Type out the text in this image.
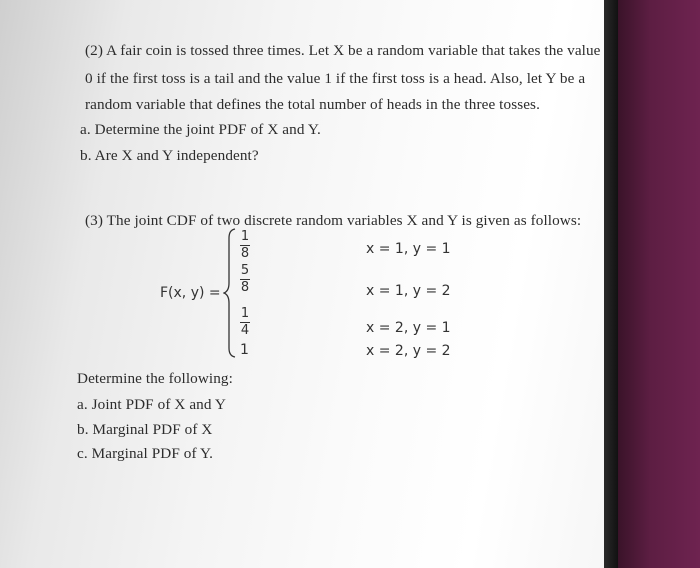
(2) A fair coin is tossed three times. Let X be a random variable that takes the value
0 if the first toss is a tail and the value 1 if the first toss is a head. Also, let Y be a
random variable that defines the total number of heads in the three tosses.
a. Determine the joint PDF of X and Y.
b. Are X and Y independent?
(3) The joint CDF of two discrete random variables X and Y is given as follows:
F(x, y) =
1
8
5
8
1
4
1
x = 1, y = 1
x = 1, y = 2
x = 2, y = 1
x = 2, y = 2
Determine the following:
a. Joint PDF of X and Y
b. Marginal PDF of X
c. Marginal PDF of Y.
